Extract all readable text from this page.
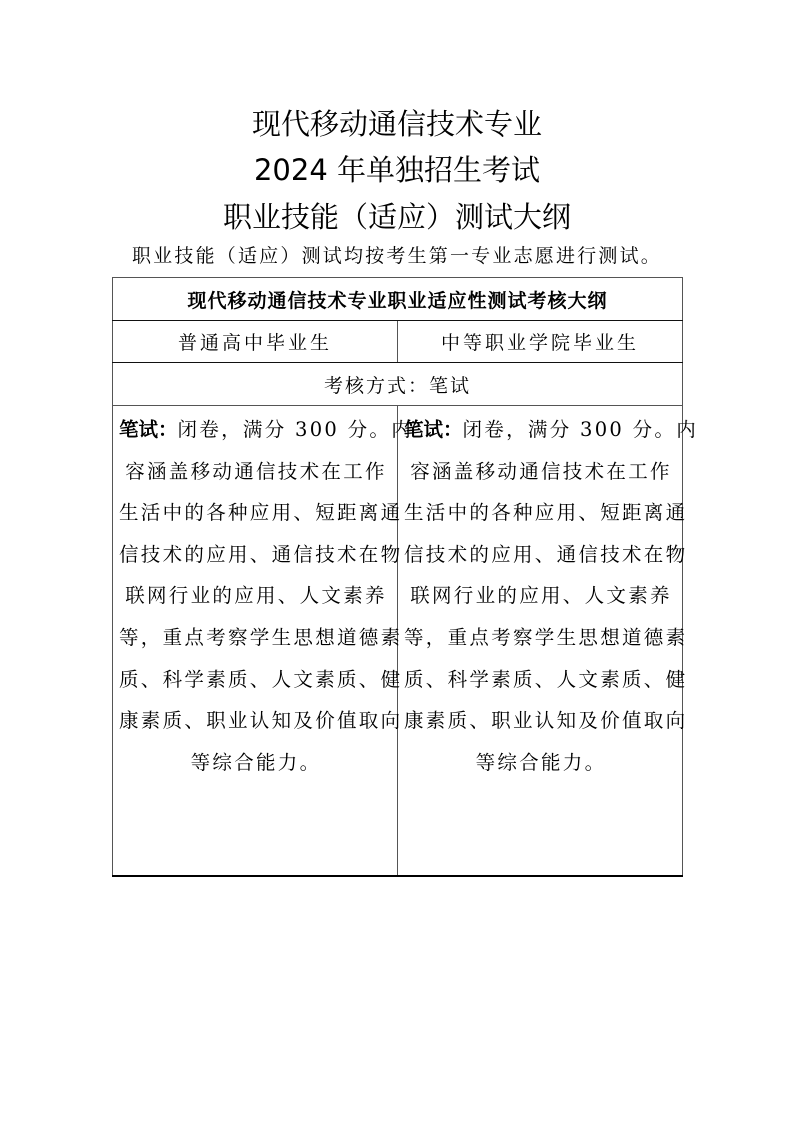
现代移动通信技术专业
2024 年单独招生考试
职业技能（适应）测试大纲
职业技能（适应）测试均按考生第一专业志愿进行测试。
现代移动通信技术专业职业适应性测试考核大纲	
普通高中毕业生	中等职业学院毕业生
考核方式：笔试	

笔试：闭卷，满分 300 分。内
容涵盖移动通信技术在工作
生活中的各种应用、短距离通
信技术的应用、通信技术在物
联网行业的应用、人文素养
等，重点考察学生思想道德素
质、科学素质、人文素质、健
康素质、职业认知及价值取向
等综合能力。

笔试：闭卷，满分 300 分。内
容涵盖移动通信技术在工作
生活中的各种应用、短距离通
信技术的应用、通信技术在物
联网行业的应用、人文素养
等，重点考察学生思想道德素
质、科学素质、人文素质、健
康素质、职业认知及价值取向
等综合能力。
